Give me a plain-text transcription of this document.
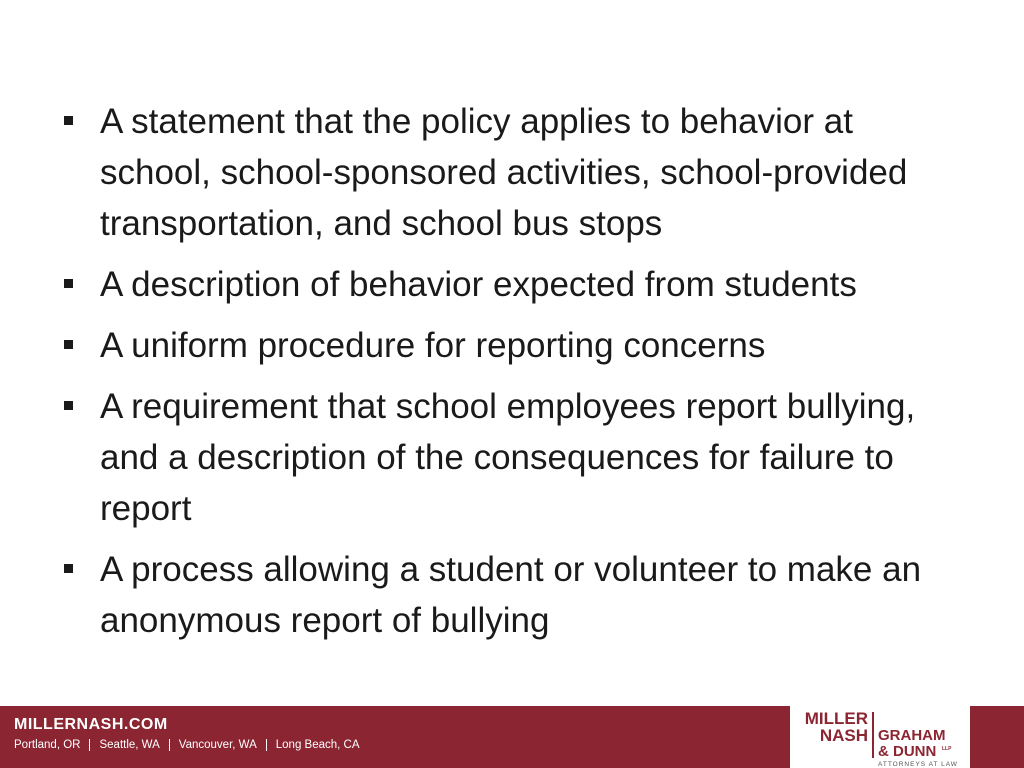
A statement that the policy applies to behavior at school, school-sponsored activities, school-provided transportation, and school bus stops
A description of behavior expected from students
A uniform procedure for reporting concerns
A requirement that school employees report bullying, and a description of the consequences for failure to report
A process allowing a student or volunteer to make an anonymous report of bullying
MILLERNASH.COM
Portland, OR Seattle, WA Vancouver, WA Long Beach, CA
MILLER
NASH GRAHAM
& DUNN	LLP
ATTORNEYS AT LAW
